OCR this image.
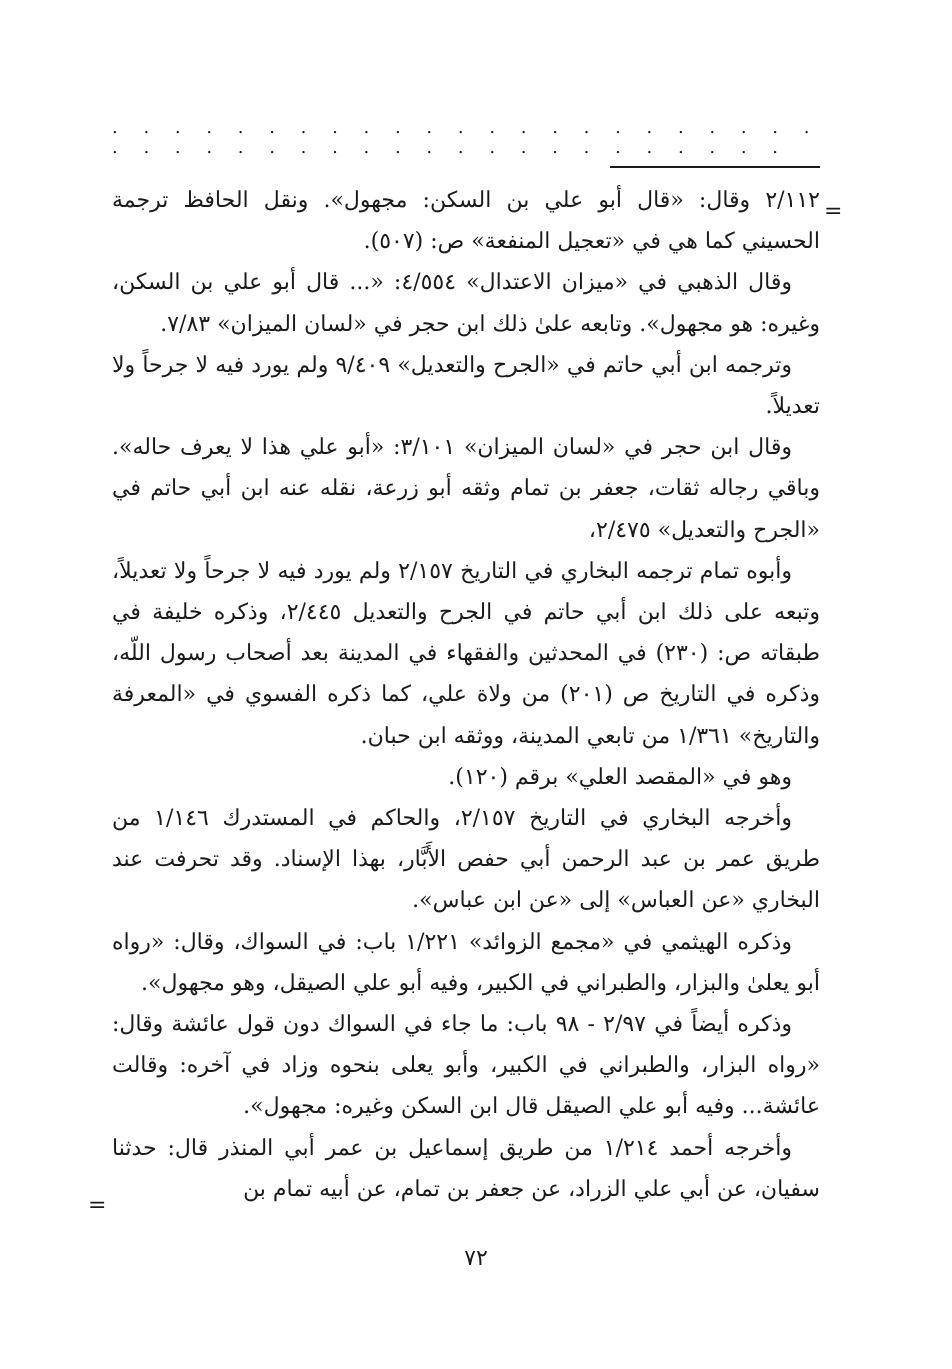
. . . . . . . . . . . . . . . . . . . . . . . . . . . . . . . . . . . . . . . . . . . . .
=

٢/١١٢ وقال: «قال أبو علي بن السكن: مجهول». ونقل الحافظ ترجمة الحسيني كما هي في «تعجيل المنفعة» ص: (٥٠٧).

وقال الذهبي في «ميزان الاعتدال» ٤/٥٥٤: «... قال أبو علي بن السكن، وغيره: هو مجهول». وتابعه علىٰ ذلك ابن حجر في «لسان الميزان» ٧/٨٣.

وترجمه ابن أبي حاتم في «الجرح والتعديل» ٩/٤٠٩ ولم يورد فيه لا جرحاً ولا تعديلاً.

وقال ابن حجر في «لسان الميزان» ٣/١٠١: «أبو علي هذا لا يعرف حاله». وباقي رجاله ثقات، جعفر بن تمام وثقه أبو زرعة، نقله عنه ابن أبي حاتم في «الجرح والتعديل» ٢/٤٧٥،

وأبوه تمام ترجمه البخاري في التاريخ ٢/١٥٧ ولم يورد فيه لا جرحاً ولا تعديلاً، وتبعه على ذلك ابن أبي حاتم في الجرح والتعديل ٢/٤٤٥، وذكره خليفة في طبقاته ص: (٢٣٠) في المحدثين والفقهاء في المدينة بعد أصحاب رسول اللّه، وذكره في التاريخ ص (٢٠١) من ولاة علي، كما ذكره الفسوي في «المعرفة والتاريخ» ١/٣٦١ من تابعي المدينة، ووثقه ابن حبان.

وهو في «المقصد العلي» برقم (١٢٠).

وأخرجه البخاري في التاريخ ٢/١٥٧، والحاكم في المستدرك ١/١٤٦ من طريق عمر بن عبد الرحمن أبي حفص الأَبَّار، بهذا الإسناد. وقد تحرفت عند البخاري «عن العباس» إلى «عن ابن عباس».

وذكره الهيثمي في «مجمع الزوائد» ١/٢٢١ باب: في السواك، وقال: «رواه أبو يعلىٰ والبزار، والطبراني في الكبير، وفيه أبو علي الصيقل، وهو مجهول».

وذكره أيضاً في ٢/٩٧ - ٩٨ باب: ما جاء في السواك دون قول عائشة وقال: «رواه البزار، والطبراني في الكبير، وأبو يعلى بنحوه وزاد في آخره: وقالت عائشة... وفيه أبو علي الصيقل قال ابن السكن وغيره: مجهول».

وأخرجه أحمد ١/٢١٤ من طريق إسماعيل بن عمر أبي المنذر قال: حدثنا سفيان، عن أبي علي الزراد، عن جعفر بن تمام، عن أبيه تمام بن

=
٧٢
